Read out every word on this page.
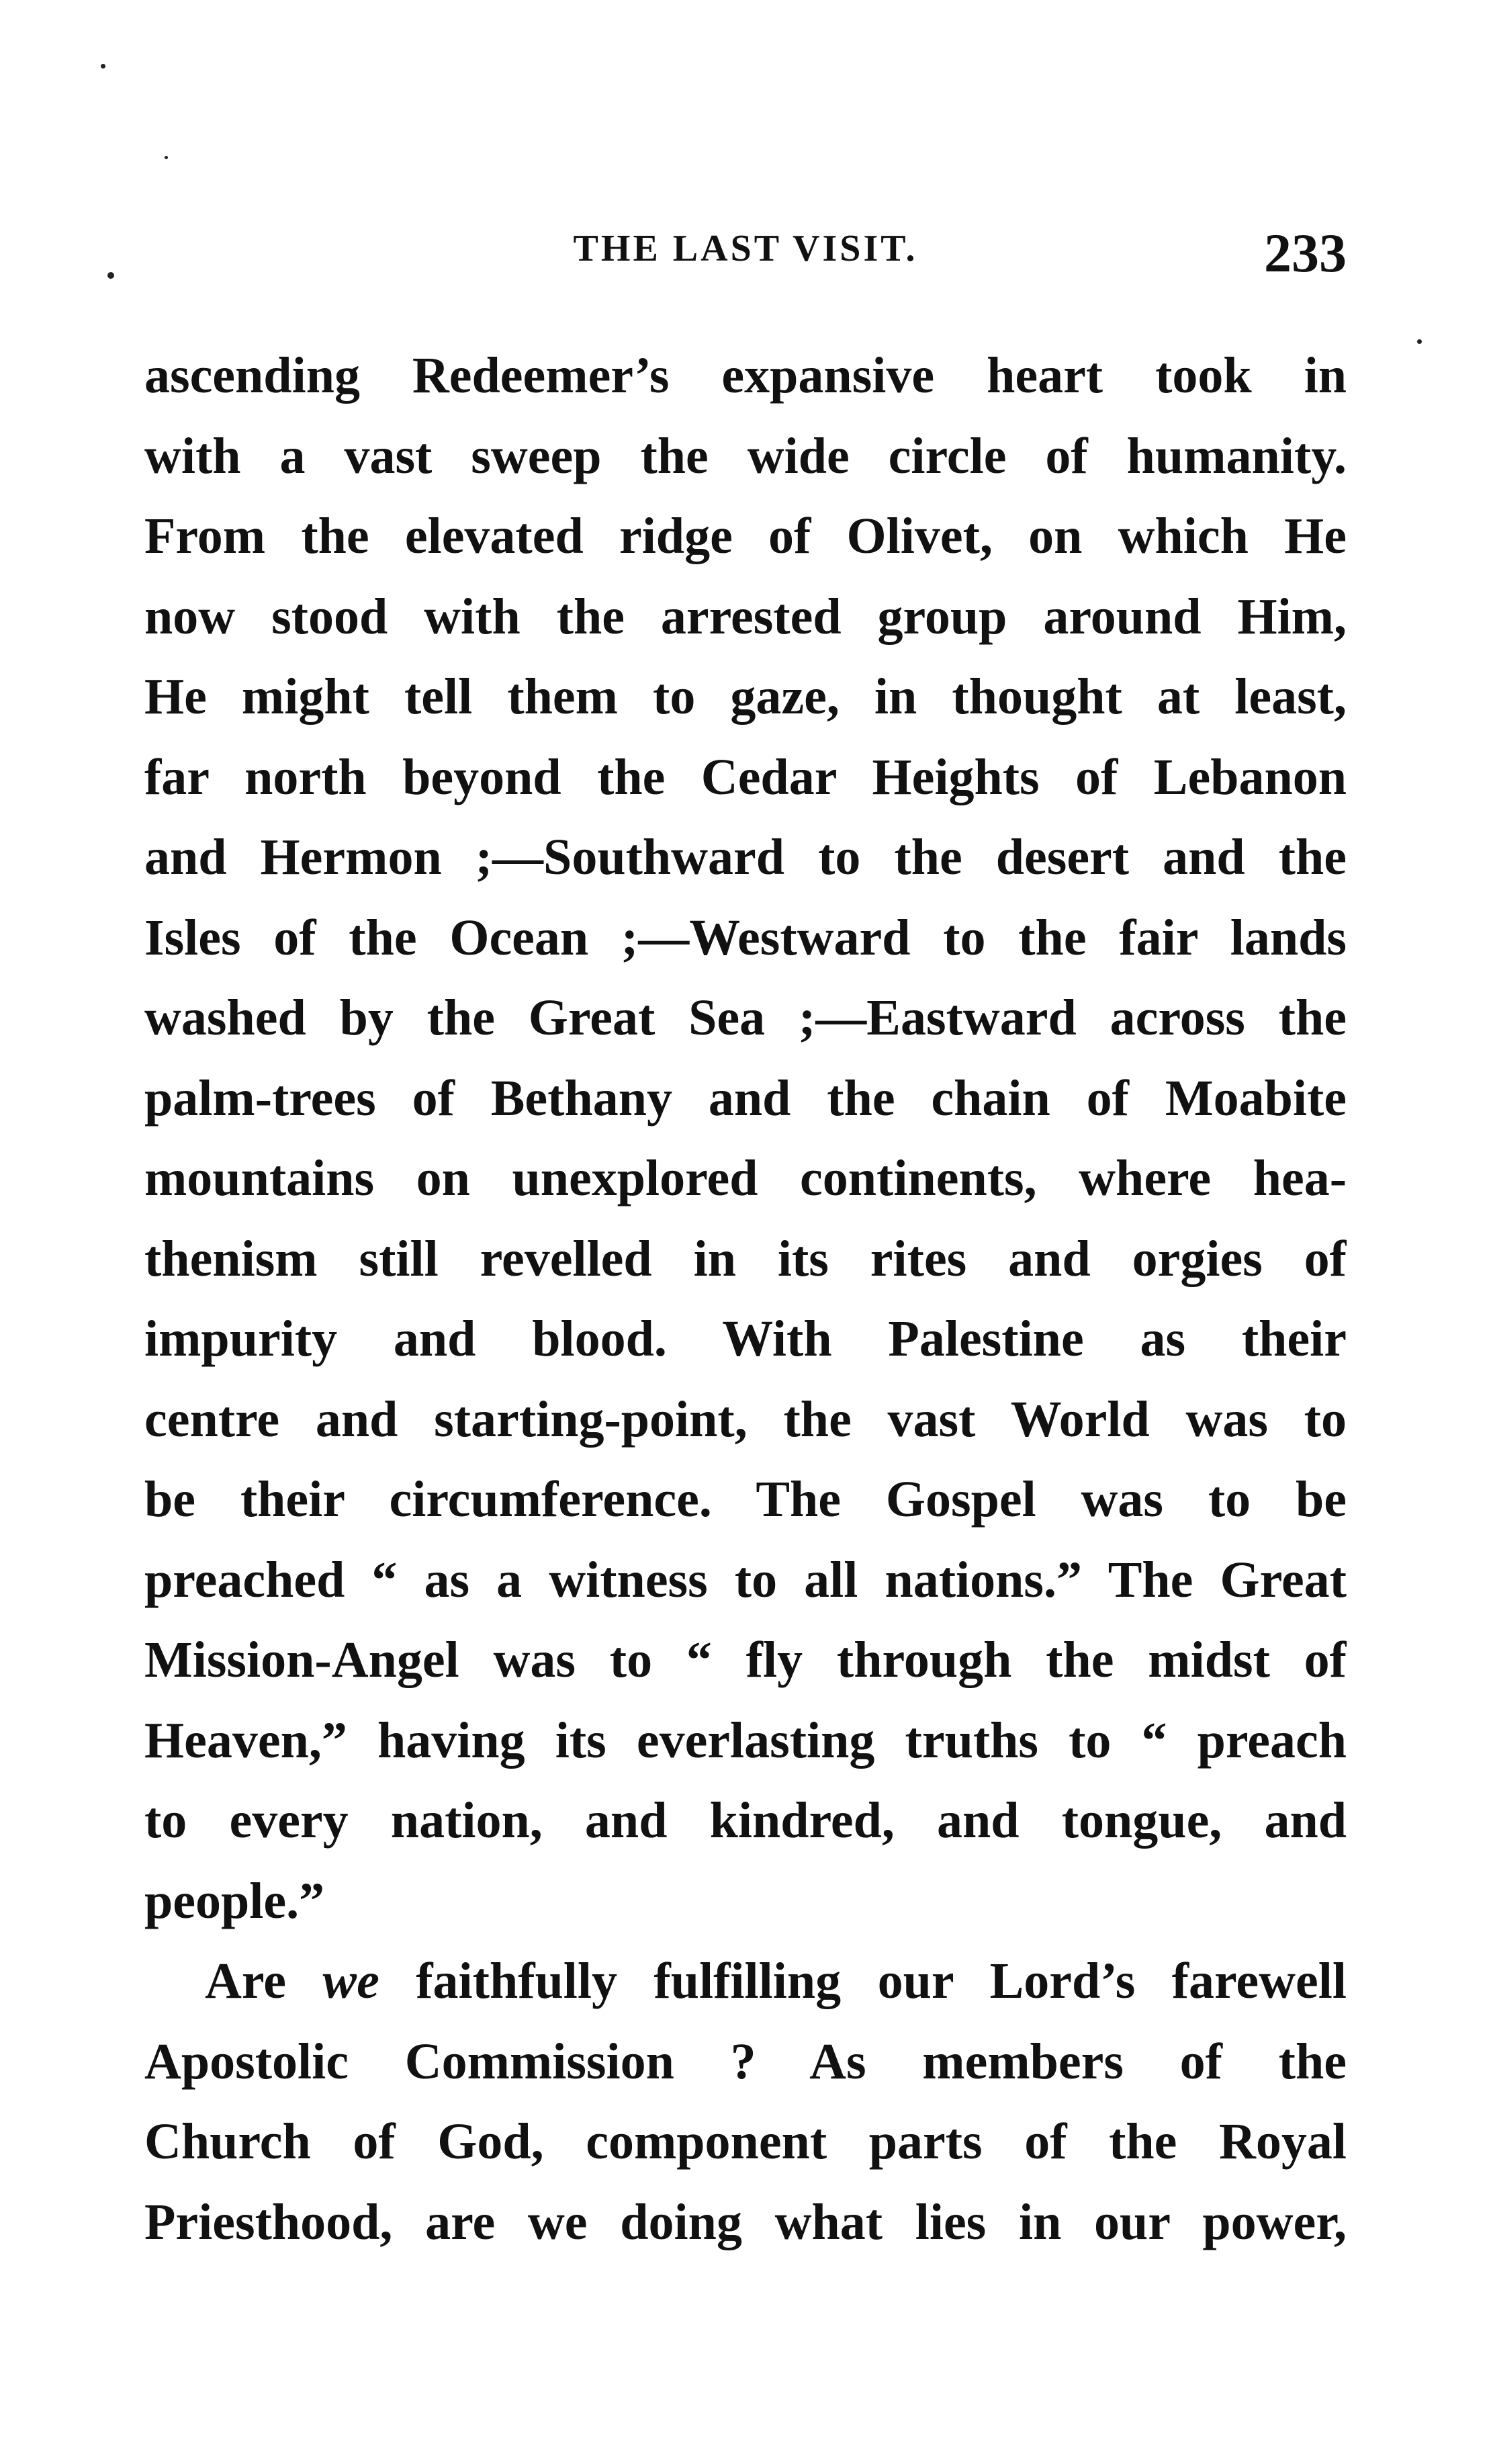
THE LAST VISIT.	233
ascending Redeemer’s expansive heart took in
with a vast sweep the wide circle of humanity.
From the elevated ridge of Olivet, on which He
now stood with the arrested group around Him,
He might tell them to gaze, in thought at least,
far north beyond the Cedar Heights of Lebanon
and Hermon ;—Southward to the desert and the
Isles of the Ocean ;—Westward to the fair lands
washed by the Great Sea ;—Eastward across the
palm-trees of Bethany and the chain of Moabite
mountains on unexplored continents, where hea-
thenism still revelled in its rites and orgies of
impurity and blood. With Palestine as their
centre and starting-point, the vast World was to
be their circumference. The Gospel was to be
preached “ as a witness to all nations.” The Great
Mission-Angel was to “ fly through the midst of
Heaven,” having its everlasting truths to “ preach
to every nation, and kindred, and tongue, and
people.”
Are we faithfully fulfilling our Lord’s farewell
Apostolic Commission ? As members of the
Church of God, component parts of the Royal
Priesthood, are we doing what lies in our power,
